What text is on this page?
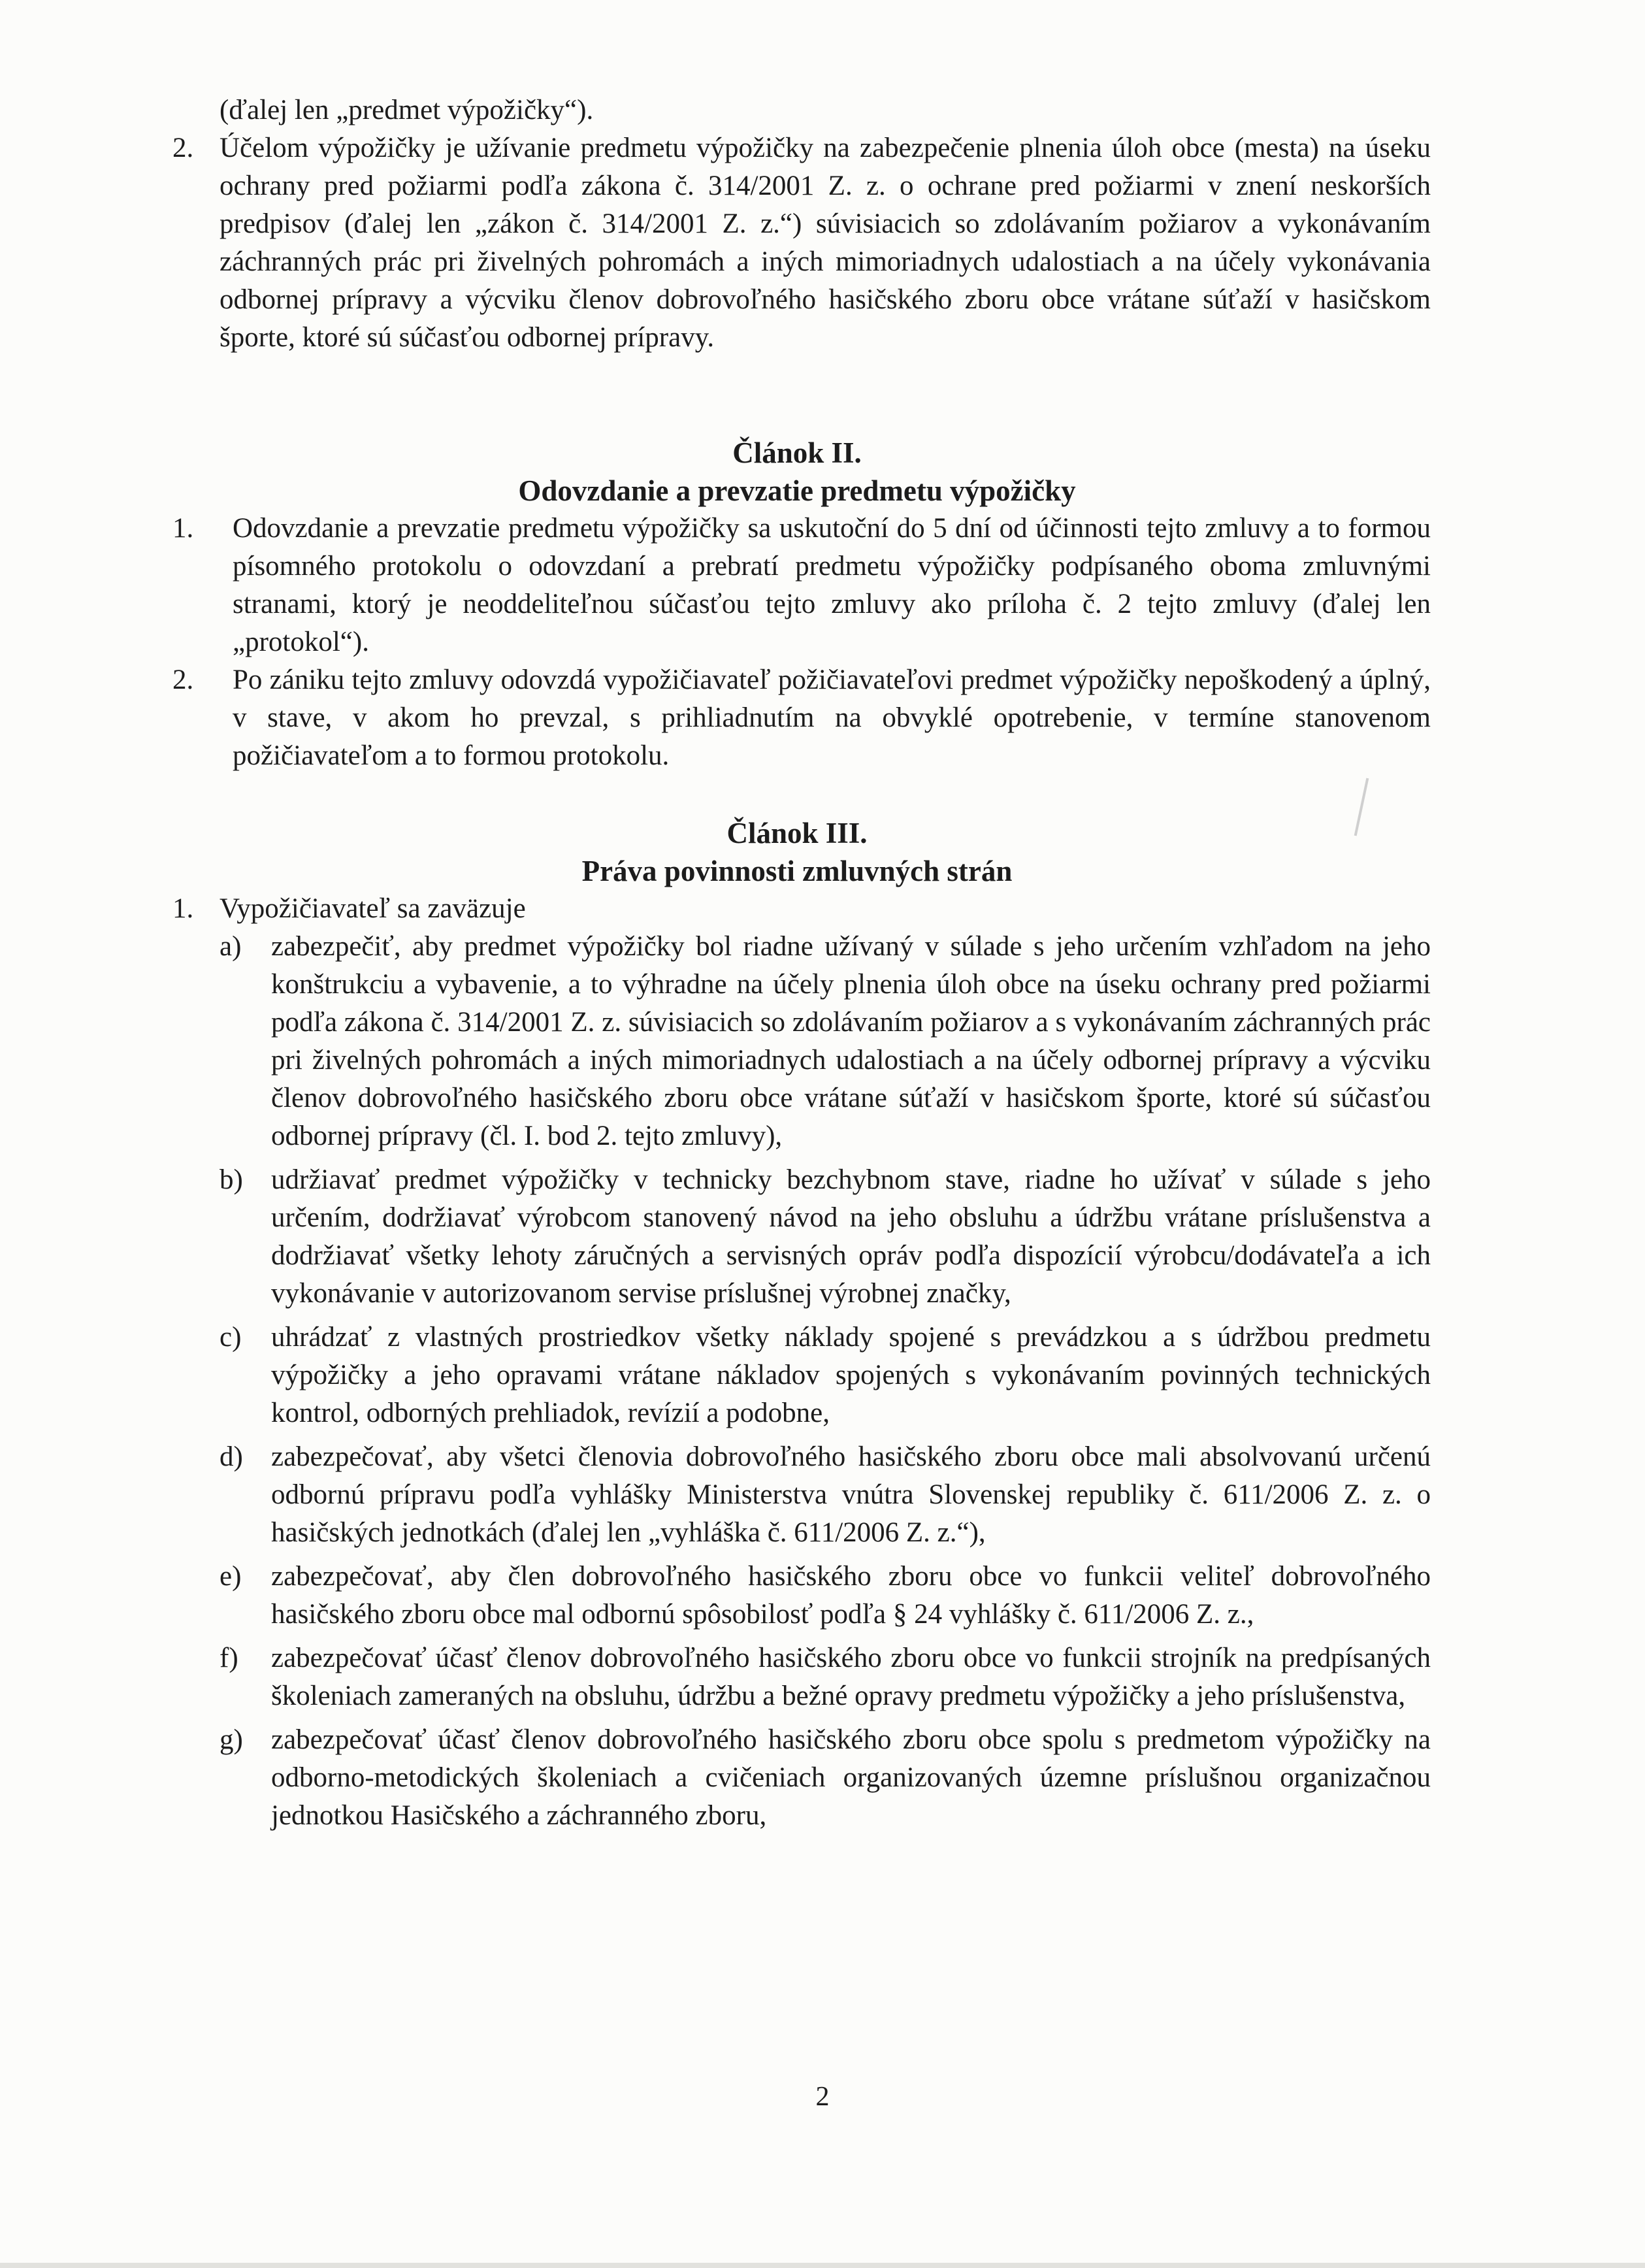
(ďalej len „predmet výpožičky“).

2. Účelom výpožičky je užívanie predmetu výpožičky na zabezpečenie plnenia úloh obce (mesta) na úseku ochrany pred požiarmi podľa zákona č. 314/2001 Z. z. o ochrane pred požiarmi v znení neskorších predpisov (ďalej len „zákon č. 314/2001 Z. z.“) súvisiacich so zdolávaním požiarov a vykonávaním záchranných prác pri živelných pohromách a iných mimoriadnych udalostiach a na účely vykonávania odbornej prípravy a výcviku členov dobrovoľného hasičského zboru obce vrátane súťaží v hasičskom športe, ktoré sú súčasťou odbornej prípravy.
Článok II.
Odovzdanie a prevzatie predmetu výpožičky
1. Odovzdanie a prevzatie predmetu výpožičky sa uskutoční do 5 dní od účinnosti tejto zmluvy a to formou písomného protokolu o odovzdaní a prebratí predmetu výpožičky podpísaného oboma zmluvnými stranami, ktorý je neoddeliteľnou súčasťou tejto zmluvy ako príloha č. 2 tejto zmluvy (ďalej len „protokol“).
2. Po zániku tejto zmluvy odovzdá vypožičiavateľ požičiavateľovi predmet výpožičky nepoškodený a úplný, v stave, v akom ho prevzal, s prihliadnutím na obvyklé opotrebenie, v termíne stanovenom požičiavateľom a to formou protokolu.
Článok III.
Práva povinnosti zmluvných strán
1. Vypožičiavateľ sa zaväzuje
a) zabezpečiť, aby predmet výpožičky bol riadne užívaný v súlade s jeho určením vzhľadom na jeho konštrukciu a vybavenie, a to výhradne na účely plnenia úloh obce na úseku ochrany pred požiarmi podľa zákona č. 314/2001 Z. z. súvisiacich so zdolávaním požiarov a s vykonávaním záchranných prác pri živelných pohromách a iných mimoriadnych udalostiach a na účely odbornej prípravy a výcviku členov dobrovoľného hasičského zboru obce vrátane súťaží v hasičskom športe, ktoré sú súčasťou odbornej prípravy (čl. I. bod 2. tejto zmluvy),
b) udržiavať predmet výpožičky v technicky bezchybnom stave, riadne ho užívať v súlade s jeho určením, dodržiavať výrobcom stanovený návod na jeho obsluhu a údržbu vrátane príslušenstva a dodržiavať všetky lehoty záručných a servisných opráv podľa dispozícií výrobcu/dodávateľa a ich vykonávanie v autorizovanom servise príslušnej výrobnej značky,
c) uhrádzať z vlastných prostriedkov všetky náklady spojené s prevádzkou a s údržbou predmetu výpožičky a jeho opravami vrátane nákladov spojených s vykonávaním povinných technických kontrol, odborných prehliadok, revízií a podobne,
d) zabezpečovať, aby všetci členovia dobrovoľného hasičského zboru obce mali absolvovanú určenú odbornú prípravu podľa vyhlášky Ministerstva vnútra Slovenskej republiky č. 611/2006 Z. z. o hasičských jednotkách (ďalej len „vyhláška č. 611/2006 Z. z.“),
e) zabezpečovať, aby člen dobrovoľného hasičského zboru obce vo funkcii veliteľ dobrovoľného hasičského zboru obce mal odbornú spôsobilosť podľa § 24 vyhlášky č. 611/2006 Z. z.,
f) zabezpečovať účasť členov dobrovoľného hasičského zboru obce vo funkcii strojník na predpísaných školeniach zameraných na obsluhu, údržbu a bežné opravy predmetu výpožičky a jeho príslušenstva,
g) zabezpečovať účasť členov dobrovoľného hasičského zboru obce spolu s predmetom výpožičky na odborno-metodických školeniach a cvičeniach organizovaných územne príslušnou organizačnou jednotkou Hasičského a záchranného zboru,
2
